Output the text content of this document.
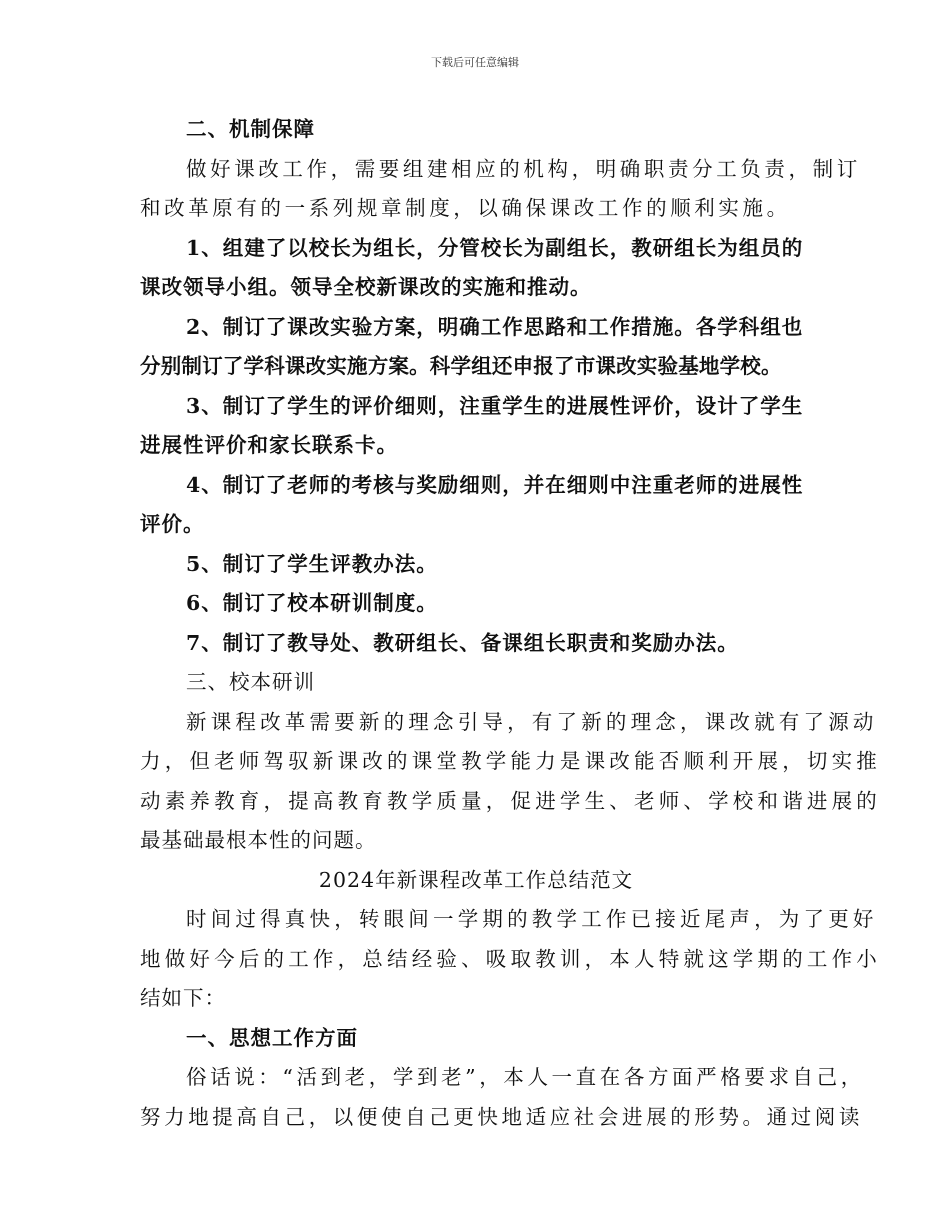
下载后可任意编辑
二、机制保障
做好课改工作，需要组建相应的机构，明确职责分工负责，制订
和改革原有的一系列规章制度，以确保课改工作的顺利实施。
1、组建了以校长为组长，分管校长为副组长，教研组长为组员的
课改领导小组。领导全校新课改的实施和推动。
2、制订了课改实验方案，明确工作思路和工作措施。各学科组也
分别制订了学科课改实施方案。科学组还申报了市课改实验基地学校。
3、制订了学生的评价细则，注重学生的进展性评价，设计了学生
进展性评价和家长联系卡。
4、制订了老师的考核与奖励细则，并在细则中注重老师的进展性
评价。
5、制订了学生评教办法。
6、制订了校本研训制度。
7、制订了教导处、教研组长、备课组长职责和奖励办法。
三、校本研训
新课程改革需要新的理念引导，有了新的理念，课改就有了源动
力，但老师驾驭新课改的课堂教学能力是课改能否顺利开展，切实推
动素养教育，提高教育教学质量，促进学生、老师、学校和谐进展的
最基础最根本性的问题。
2024年新课程改革工作总结范文
时间过得真快，转眼间一学期的教学工作已接近尾声，为了更好
地做好今后的工作，总结经验、吸取教训，本人特就这学期的工作小
结如下：
一、思想工作方面
俗话说：“活到老，学到老”，本人一直在各方面严格要求自己，
努力地提高自己，以便使自己更快地适应社会进展的形势。通过阅读
